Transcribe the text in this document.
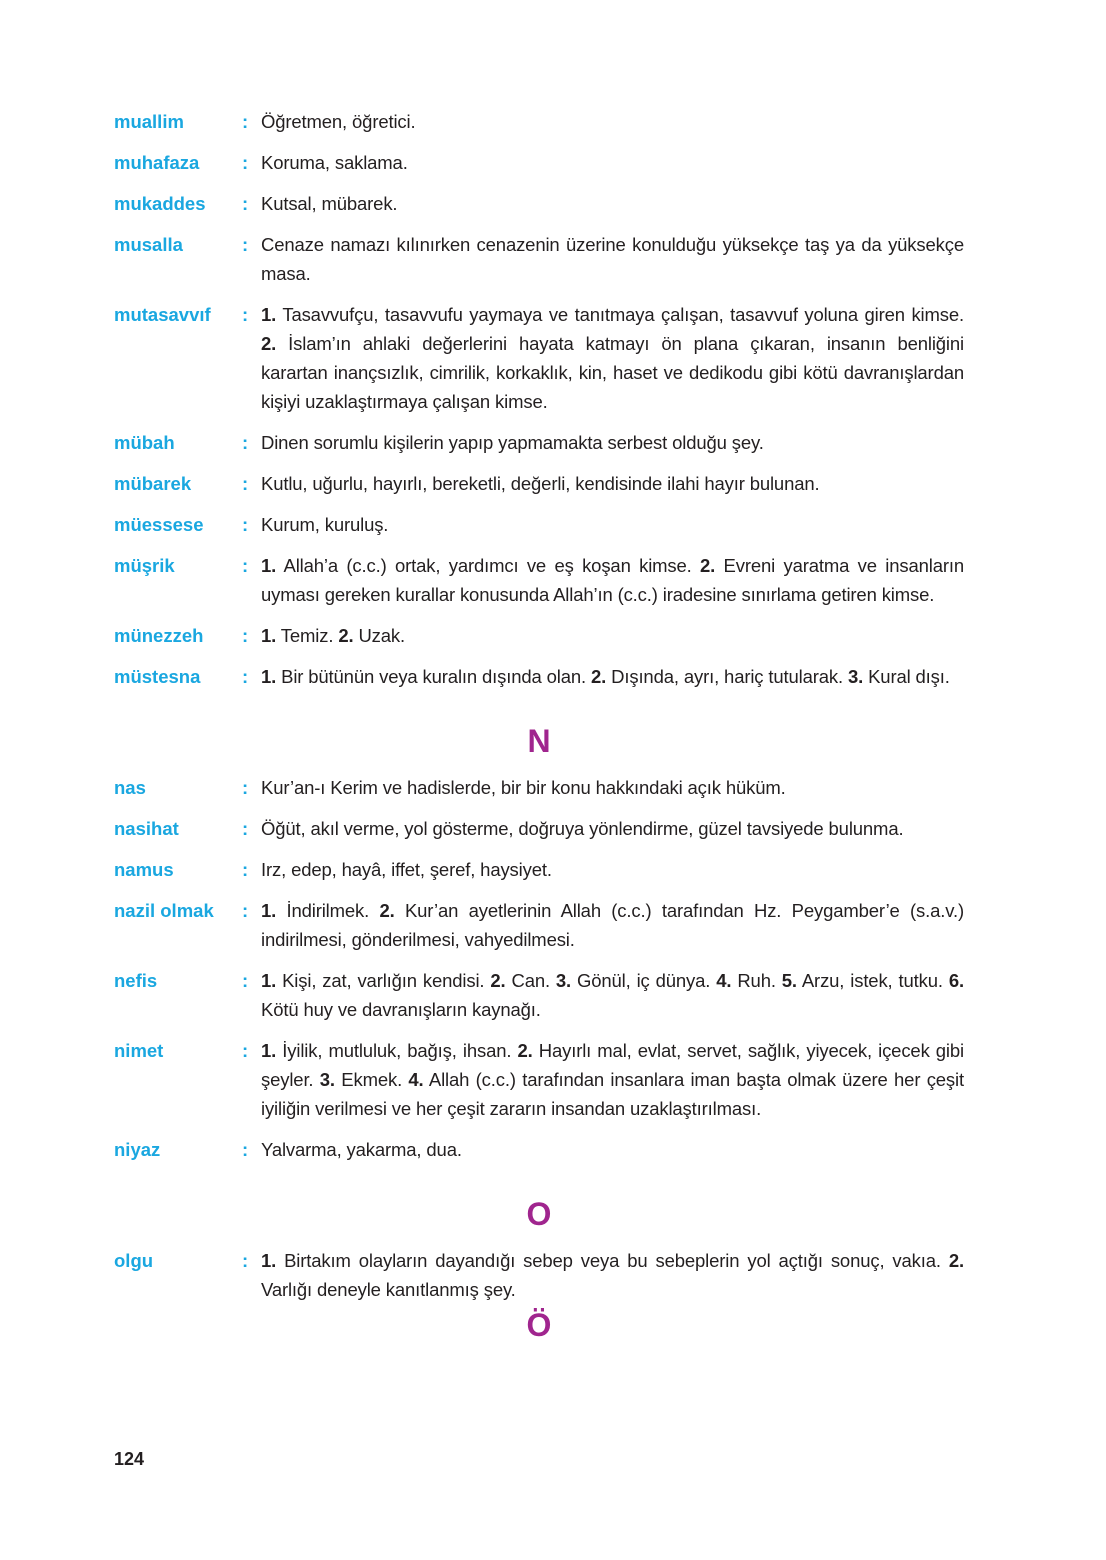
muallim	: Öğretmen, öğretici.
muhafaza	: Koruma, saklama.
mukaddes	: Kutsal, mübarek.
musalla	: Cenaze namazı kılınırken cenazenin üzerine konulduğu yüksekçe taş ya da yüksekçe masa.
mutasavvıf	: 1. Tasavvufçu, tasavvufu yaymaya ve tanıtmaya çalışan, tasavvuf yoluna giren kimse. 2. İslam’ın ahlaki değerlerini hayata katmayı ön plana çıkaran, insanın benliğini karartan inançsızlık, cimrilik, korkaklık, kin, haset ve dedikodu gibi kötü davranışlardan kişiyi uzaklaştırmaya çalışan kimse.
mübah	: Dinen sorumlu kişilerin yapıp yapmamakta serbest olduğu şey.
mübarek	: Kutlu, uğurlu, hayırlı, bereketli, değerli, kendisinde ilahi hayır bulunan.
müessese	: Kurum, kuruluş.
müşrik	: 1. Allah’a (c.c.) ortak, yardımcı ve eş koşan kimse. 2. Evreni yaratma ve insanların uyması gereken kurallar konusunda Allah’ın (c.c.) iradesine sınırlama getiren kimse.
münezzeh	: 1. Temiz. 2. Uzak.
müstesna	: 1. Bir bütünün veya kuralın dışında olan. 2. Dışında, ayrı, hariç tutularak. 3. Kural dışı.
N
nas	: Kur’an-ı Kerim ve hadislerde, bir bir konu hakkındaki açık hüküm.
nasihat	: Öğüt, akıl verme, yol gösterme, doğruya yönlendirme, güzel tavsiyede bulunma.
namus	: Irz, edep, hayâ, iffet, şeref, haysiyet.
nazil olmak	: 1. İndirilmek. 2. Kur’an ayetlerinin Allah (c.c.) tarafından Hz. Peygamber’e (s.a.v.) indirilmesi, gönderilmesi, vahyedilmesi.
nefis	: 1. Kişi, zat, varlığın kendisi. 2. Can. 3. Gönül, iç dünya. 4. Ruh. 5. Arzu, istek, tutku. 6. Kötü huy ve davranışların kaynağı.
nimet	: 1. İyilik, mutluluk, bağış, ihsan. 2. Hayırlı mal, evlat, servet, sağlık, yiyecek, içecek gibi şeyler. 3. Ekmek. 4. Allah (c.c.) tarafından insanlara iman başta olmak üzere her çeşit iyiliğin verilmesi ve her çeşit zararın insandan uzaklaştırılması.
niyaz	: Yalvarma, yakarma, dua.
O
olgu	: 1. Birtakım olayların dayandığı sebep veya bu sebeplerin yol açtığı sonuç, vakıa. 2. Varlığı deneyle kanıtlanmış şey.
Ö
124
